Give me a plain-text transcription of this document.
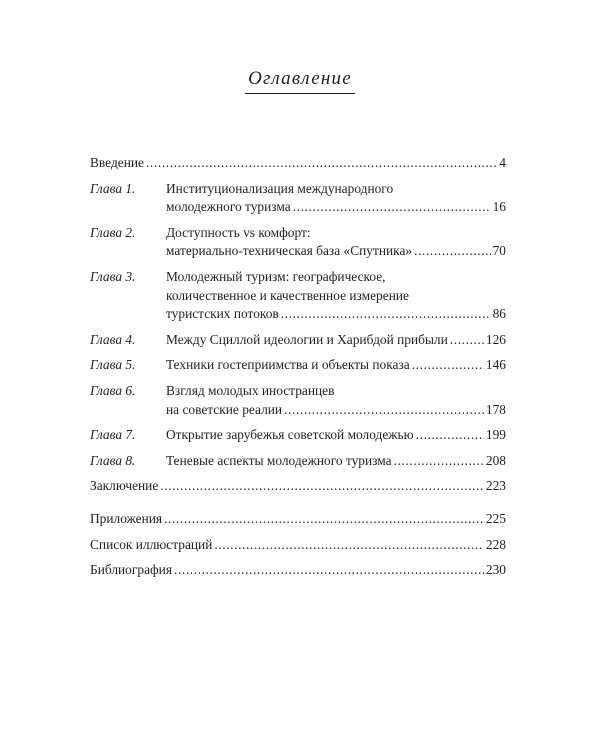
Оглавление
Введение .....	4
Глава 1.	Институционализация международного
молодежного туризма .....	16
Глава 2.	Доступность vs комфорт:
материально-техническая база «Спутника» .....	70
Глава 3.	Молодежный туризм: географическое,
количественное и качественное измерение
туристских потоков .....	86
Глава 4.	Между Сциллой идеологии и Харибдой прибыли .....	126
Глава 5.	Техники гостеприимства и объекты показа .....	146
Глава 6.	Взгляд молодых иностранцев
на советские реалии .....	178
Глава 7.	Открытие зарубежья советской молодежью .....	199
Глава 8.	Теневые аспекты молодежного туризма .....	208
Заключение .....	223
Приложения .....	225
Список иллюстраций .....	228
Библиография .....	230
